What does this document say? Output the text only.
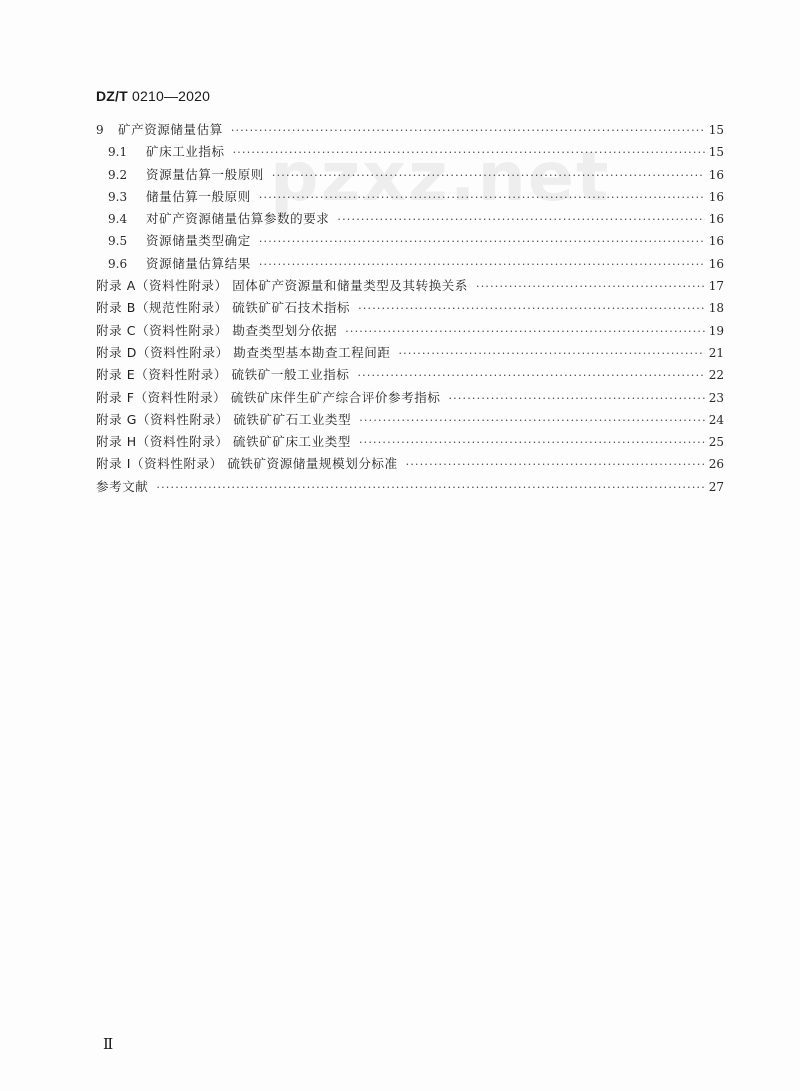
DZ/T 0210—2020
pzxz.net
9 矿产资源储量估算 ·····	15
9.1 矿床工业指标 ·····	15
9.2 资源量估算一般原则 ·····	16
9.3 储量估算一般原则 ·····	16
9.4 对矿产资源储量估算参数的要求 ·····	16
9.5 资源储量类型确定 ·····	16
9.6 资源储量估算结果 ·····	16
附录 A（资料性附录） 固体矿产资源量和储量类型及其转换关系 ·····	17
附录 B（规范性附录） 硫铁矿矿石技术指标 ·····	18
附录 C（资料性附录） 勘查类型划分依据 ·····	19
附录 D（资料性附录） 勘查类型基本勘查工程间距 ·····	21
附录 E（资料性附录） 硫铁矿一般工业指标 ·····	22
附录 F（资料性附录） 硫铁矿床伴生矿产综合评价参考指标 ·····	23
附录 G（资料性附录） 硫铁矿矿石工业类型 ·····	24
附录 H（资料性附录） 硫铁矿矿床工业类型 ·····	25
附录 I（资料性附录） 硫铁矿资源储量规模划分标准 ·····	26
参考文献 ·····	27
Ⅱ
